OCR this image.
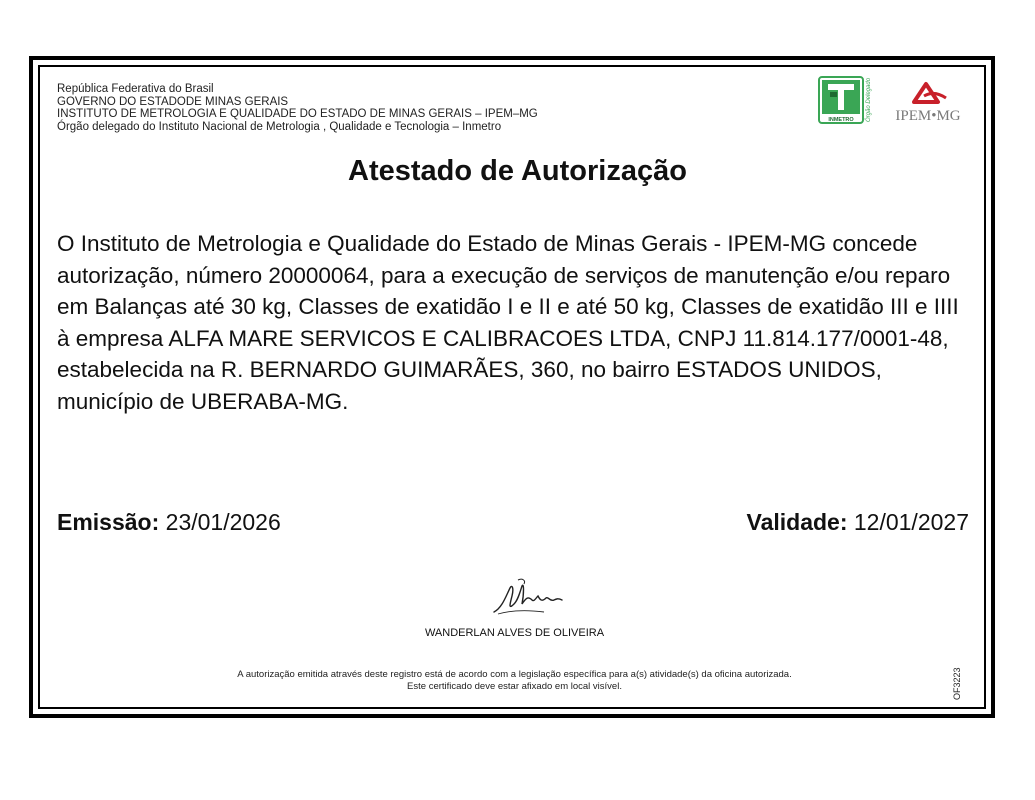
República Federativa do Brasil
GOVERNO DO ESTADODE MINAS GERAIS
INSTITUTO DE METROLOGIA E QUALIDADE DO ESTADO DE MINAS GERAIS – IPEM–MG
Órgão delegado do Instituto Nacional de Metrologia , Qualidade e Tecnologia – Inmetro
INMETRO Órgão Delegado IPEM•MG
Atestado de Autorização
O Instituto de Metrologia e Qualidade do Estado de Minas Gerais - IPEM-MG concede autorização, número 20000064, para a execução de serviços de manutenção e/ou reparo em Balanças até 30 kg, Classes de exatidão I e II e até 50 kg, Classes de exatidão III e IIII à empresa ALFA MARE SERVICOS E CALIBRACOES LTDA, CNPJ 11.814.177/0001-48, estabelecida na R. BERNARDO GUIMARÃES, 360, no bairro ESTADOS UNIDOS, município de UBERABA-MG.
Emissão: 23/01/2026	Validade: 12/01/2027
WANDERLAN ALVES DE OLIVEIRA
A autorização emitida através deste registro está de acordo com a legislação específica para a(s) atividade(s) da oficina autorizada.
Este certificado deve estar afixado em local visível.	OF3223
